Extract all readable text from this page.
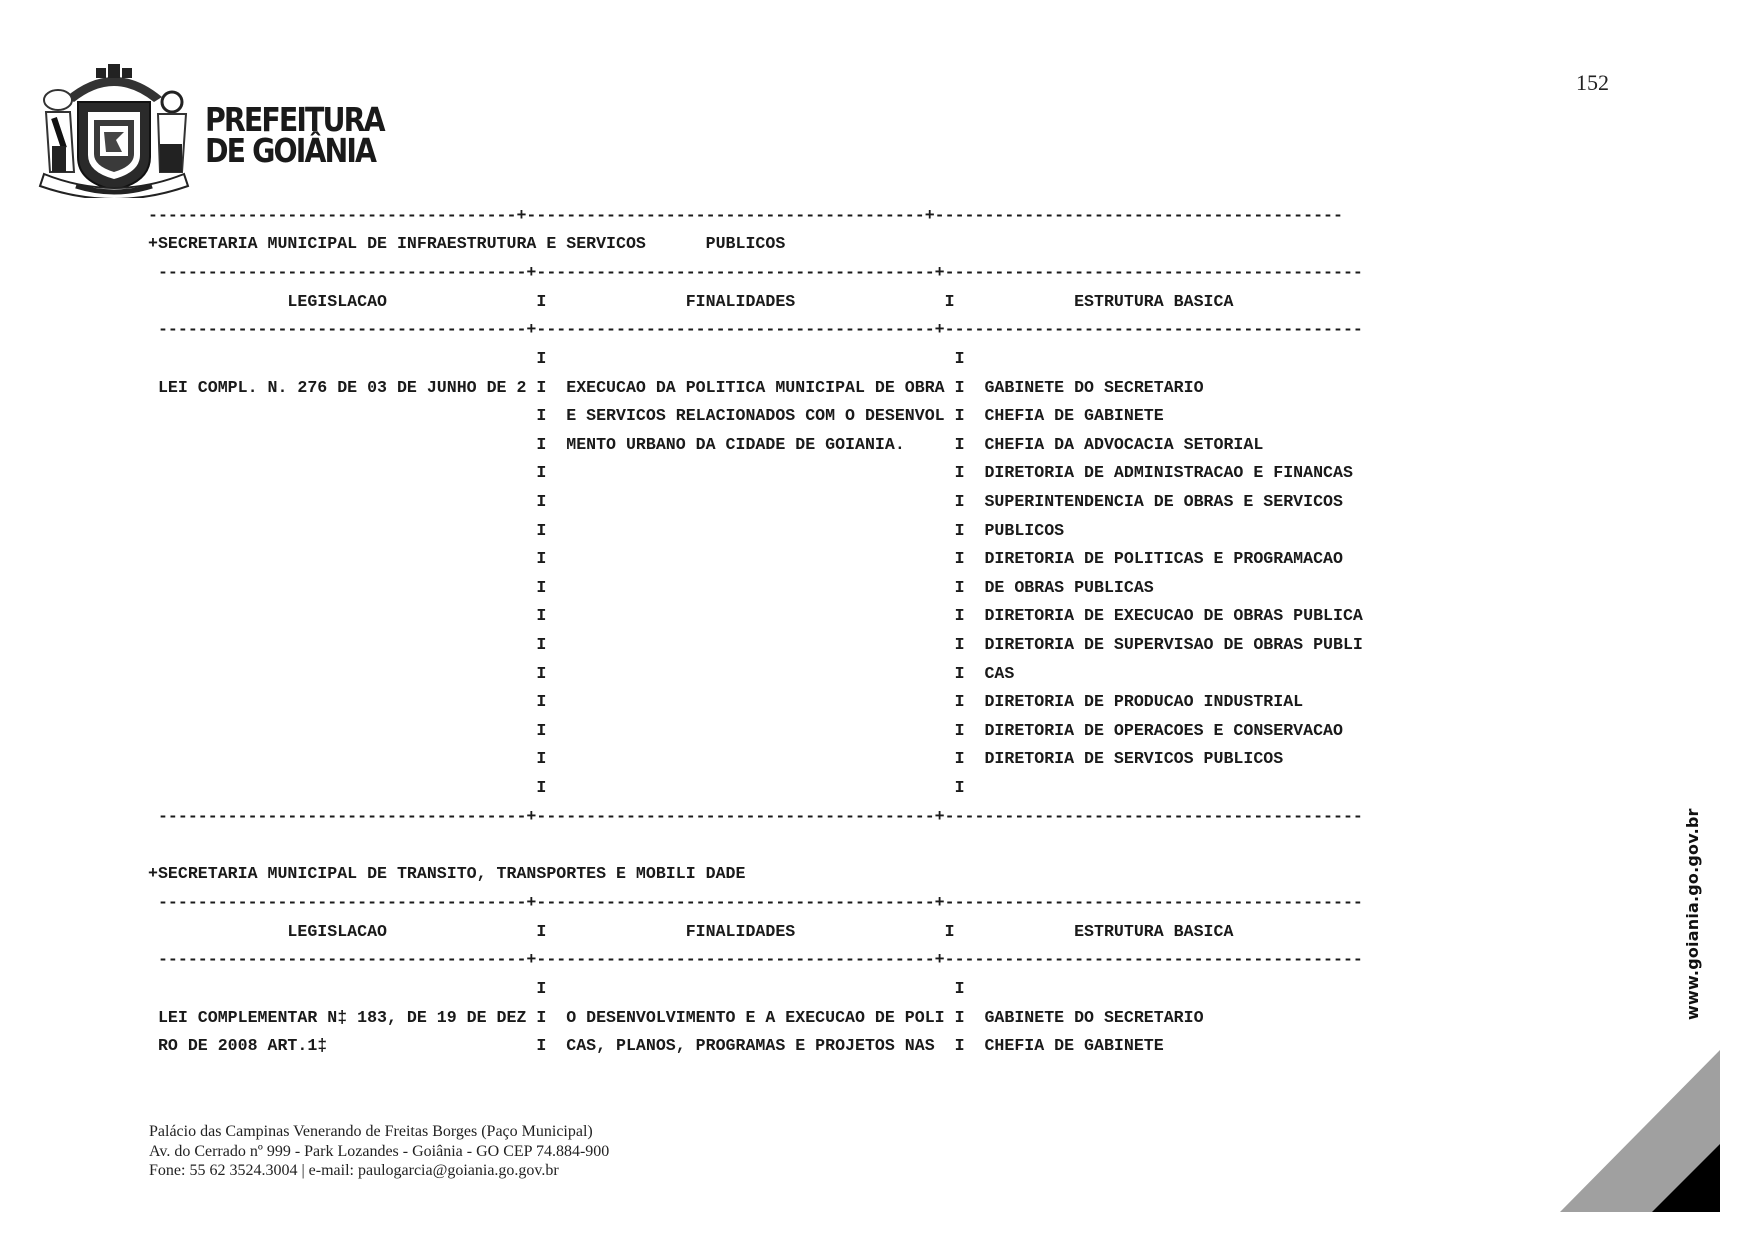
PREFEITURA
DE GOIÂNIA
152
-------------------------------------+----------------------------------------+-----------------------------------------
+SECRETARIA MUNICIPAL DE INFRAESTRUTURA E SERVICOS      PUBLICOS
-------------------------------------+----------------------------------------+------------------------------------------
LEGISLACAO               I              FINALIDADES               I            ESTRUTURA BASICA
-------------------------------------+----------------------------------------+------------------------------------------
I                                         I
LEI COMPL. N. 276 DE 03 DE JUNHO DE 2 I  EXECUCAO DA POLITICA MUNICIPAL DE OBRA I  GABINETE DO SECRETARIO
I  E SERVICOS RELACIONADOS COM O DESENVOL I  CHEFIA DE GABINETE
I  MENTO URBANO DA CIDADE DE GOIANIA.     I  CHEFIA DA ADVOCACIA SETORIAL
I                                         I  DIRETORIA DE ADMINISTRACAO E FINANCAS
I                                         I  SUPERINTENDENCIA DE OBRAS E SERVICOS
I                                         I  PUBLICOS
I                                         I  DIRETORIA DE POLITICAS E PROGRAMACAO
I                                         I  DE OBRAS PUBLICAS
I                                         I  DIRETORIA DE EXECUCAO DE OBRAS PUBLICA
I                                         I  DIRETORIA DE SUPERVISAO DE OBRAS PUBLI
I                                         I  CAS
I                                         I  DIRETORIA DE PRODUCAO INDUSTRIAL
I                                         I  DIRETORIA DE OPERACOES E CONSERVACAO
I                                         I  DIRETORIA DE SERVICOS PUBLICOS
I                                         I
-------------------------------------+----------------------------------------+------------------------------------------
+SECRETARIA MUNICIPAL DE TRANSITO, TRANSPORTES E MOBILI DADE
-------------------------------------+----------------------------------------+------------------------------------------
LEGISLACAO               I              FINALIDADES               I            ESTRUTURA BASICA
-------------------------------------+----------------------------------------+------------------------------------------
I                                         I
LEI COMPLEMENTAR N‡ 183, DE 19 DE DEZ I  O DESENVOLVIMENTO E A EXECUCAO DE POLI I  GABINETE DO SECRETARIO
RO DE 2008 ART.1‡                     I  CAS, PLANOS, PROGRAMAS E PROJETOS NAS  I  CHEFIA DE GABINETE
Palácio das Campinas Venerando de Freitas Borges (Paço Municipal)
Av. do Cerrado nº 999 - Park Lozandes - Goiânia - GO CEP 74.884-900
Fone: 55 62 3524.3004 | e-mail: paulogarcia@goiania.go.gov.br
www.goiania.go.gov.br
